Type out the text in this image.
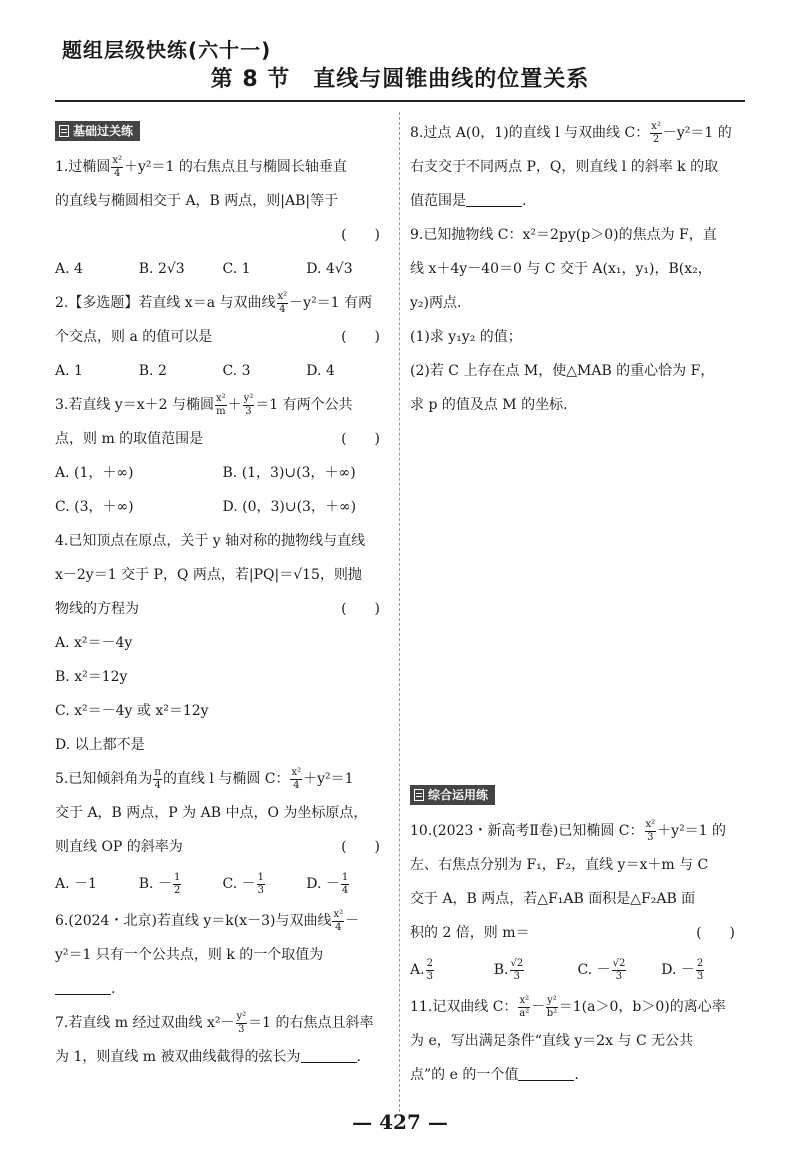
题组层级快练(六十一)
第 8 节　直线与圆锥曲线的位置关系
基础过关练
1.过椭圆 $\frac{\text{x²}}{4} +y^2=1$ 的右焦点且与椭圆长轴垂直
的直线与椭圆相交于 A，B 两点，则|AB|等于
(　　)
A. 4	B. 2√3	C. 1	D. 4√3
2.【多选题】若直线 x＝a 与双曲线 $\frac{\text{x²}}{4} -y^2=1$ 有两
个交点，则 a 的值可以是	(　　)
A. 1	B. 2	C. 3	D. 4
3.若直线 y＝x＋2 与椭圆 $\frac{\text{x²}}{m} + \frac{\text{y²}}{3} =1$ 有两个公共
点，则 m 的取值范围是	(　　)
A. (1，＋∞)	B. (1，3)∪(3，＋∞)
C. (3，＋∞)	D. (0，3)∪(3，＋∞)
4.已知顶点在原点，关于 y 轴对称的抛物线与直线
x－2y＝1 交于 P，Q 两点，若|PQ|＝√15，则抛
物线的方程为	(　　)
A. x²＝－4y
B. x²＝12y
C. x²＝－4y 或 x²＝12y
D. 以上都不是
5.已知倾斜角为 $\frac{\pi}{4}$ 的直线 l 与椭圆 C： $\frac{\text{x²}}{4} +y^2=1$
交于 A，B 两点，P 为 AB 中点，O 为坐标原点，
则直线 OP 的斜率为	(　　)
A. －1	B. － $\frac{1}{2}$	C. － $\frac{1}{3}$	D. － $\frac{1}{4}$
6.(2024・北京)若直线 y＝k(x－3)与双曲线 $\frac{\text{x²}}{4}$ －
y²＝1 只有一个公共点，则 k 的一个取值为
.
7.若直线 m 经过双曲线 $x^2- \frac{\text{y²}}{3} =1$ 的右焦点且斜率
为 1，则直线 m 被双曲线截得的弦长为	.
8.过点 A(0，1)的直线 l 与双曲线 C： $\frac{\text{x²}}{2} -y^2=1$ 的
右支交于不同两点 P，Q，则直线 l 的斜率 k 的取
值范围是	.
9.已知抛物线 C：x²＝2py(p＞0)的焦点为 F，直
线 x＋4y－40＝0 与 C 交于 A(x₁，y₁)，B(x₂，
y₂)两点.
(1)求 y₁y₂ 的值；
(2)若 C 上存在点 M，使△MAB 的重心恰为 F，
求 p 的值及点 M 的坐标.
综合运用练
10.(2023・新高考Ⅱ卷)已知椭圆 C： $\frac{\text{x²}}{3} +y^2=1$ 的
左、右焦点分别为 F₁，F₂，直线 y＝x＋m 与 C
交于 A，B 两点，若△F₁AB 面积是△F₂AB 面
积的 2 倍，则 m＝	(　　)
A. $\frac{2}{3}$	B. $\frac{√2}{3}$	C. － $\frac{√2}{3} D$. － $\frac{2}{3}$
11.记双曲线 C： $\frac{\text{x²}}{\text{a²}} - \frac{\text{y²}}{\text{b²}} =1(a>0$，b＞0)的离心率
为 e，写出满足条件“直线 y＝2x 与 C 无公共
点”的 e 的一个值	.
— 427 —
